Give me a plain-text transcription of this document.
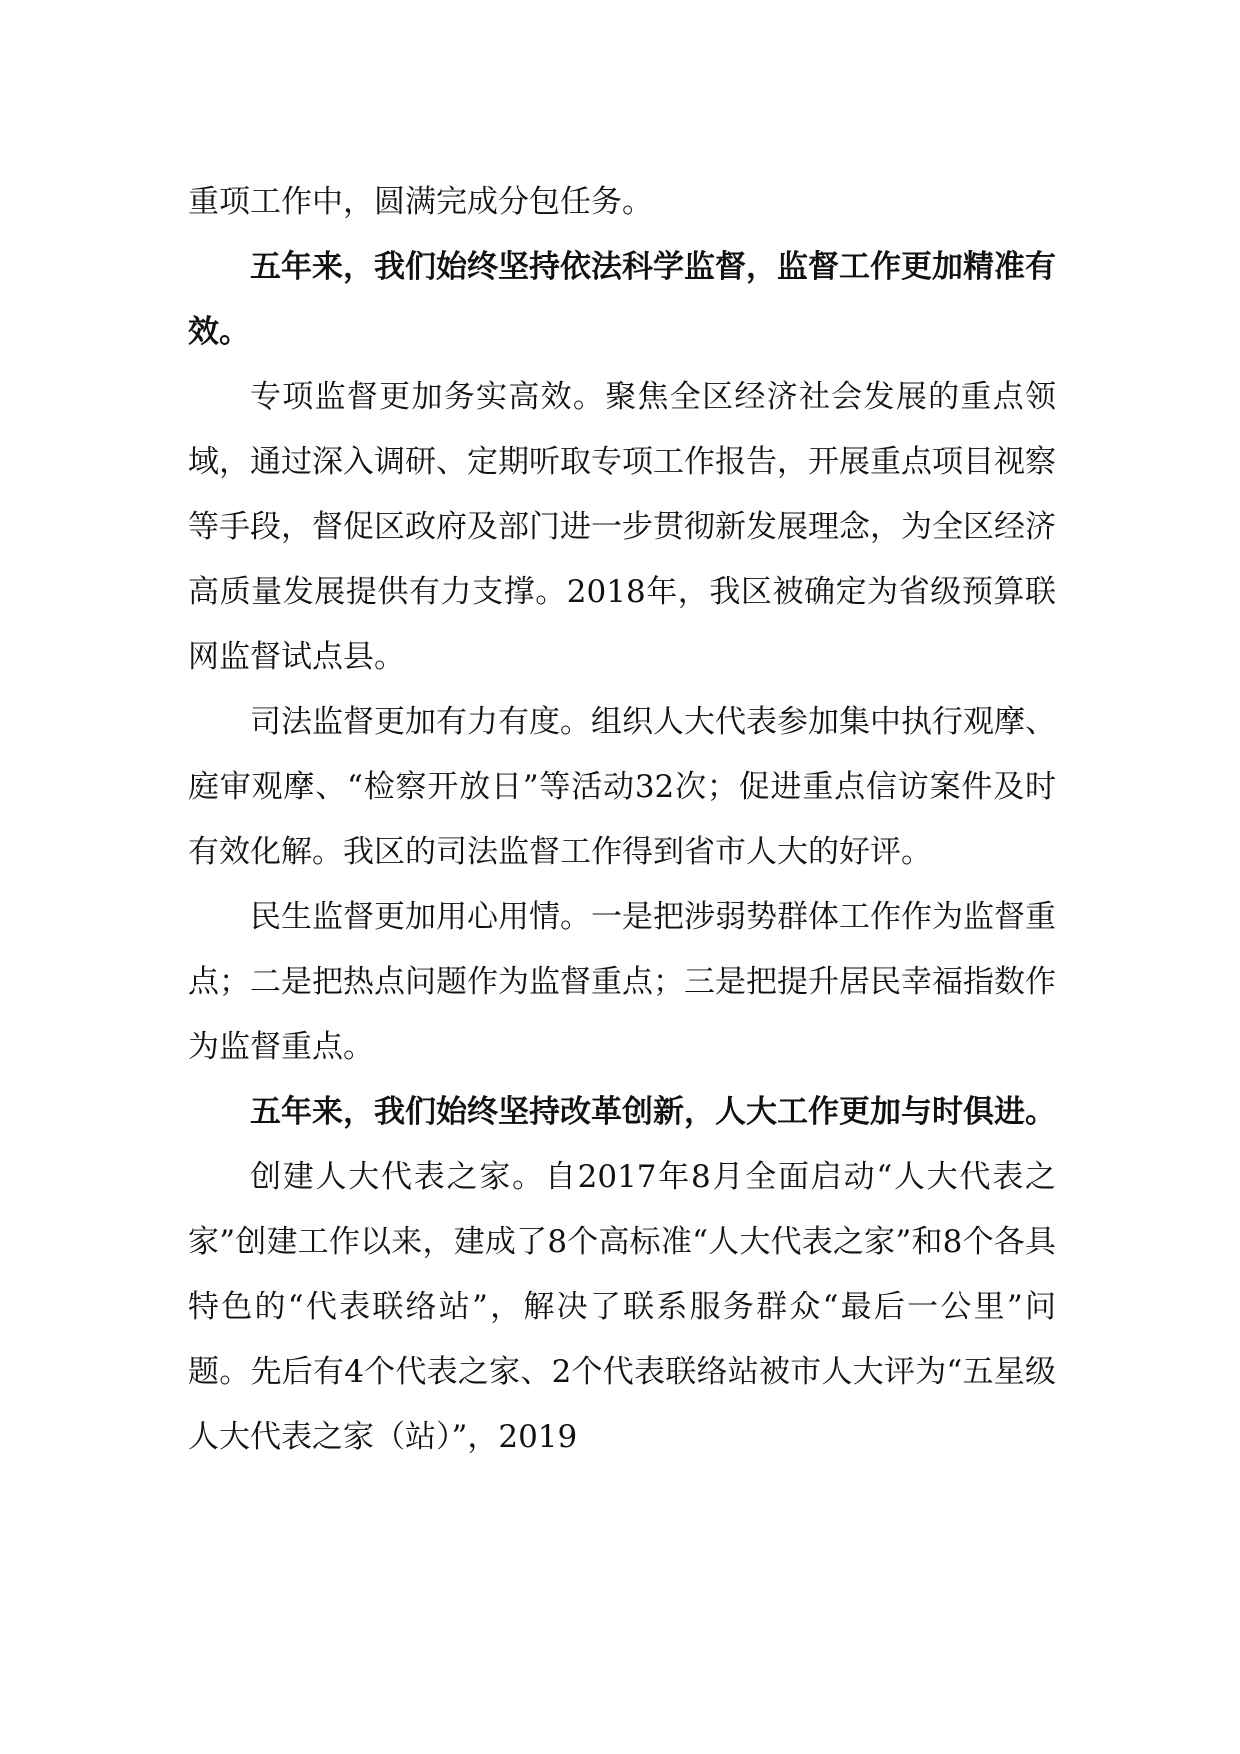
重项工作中，圆满完成分包任务。

五年来，我们始终坚持依法科学监督，监督工作更加精准有效。

专项监督更加务实高效。聚焦全区经济社会发展的重点领域，通过深入调研、定期听取专项工作报告，开展重点项目视察等手段，督促区政府及部门进一步贯彻新发展理念，为全区经济高质量发展提供有力支撑。2018年，我区被确定为省级预算联网监督试点县。

司法监督更加有力有度。组织人大代表参加集中执行观摩、庭审观摩、“检察开放日”等活动32次；促进重点信访案件及时有效化解。我区的司法监督工作得到省市人大的好评。

民生监督更加用心用情。一是把涉弱势群体工作作为监督重点；二是把热点问题作为监督重点；三是把提升居民幸福指数作为监督重点。

五年来，我们始终坚持改革创新，人大工作更加与时俱进。

创建人大代表之家。自2017年8月全面启动“人大代表之家”创建工作以来，建成了8个高标准“人大代表之家”和8个各具特色的“代表联络站”，解决了联系服务群众“最后一公里”问题。先后有4个代表之家、2个代表联络站被市人大评为“五星级人大代表之家（站）”，2019
